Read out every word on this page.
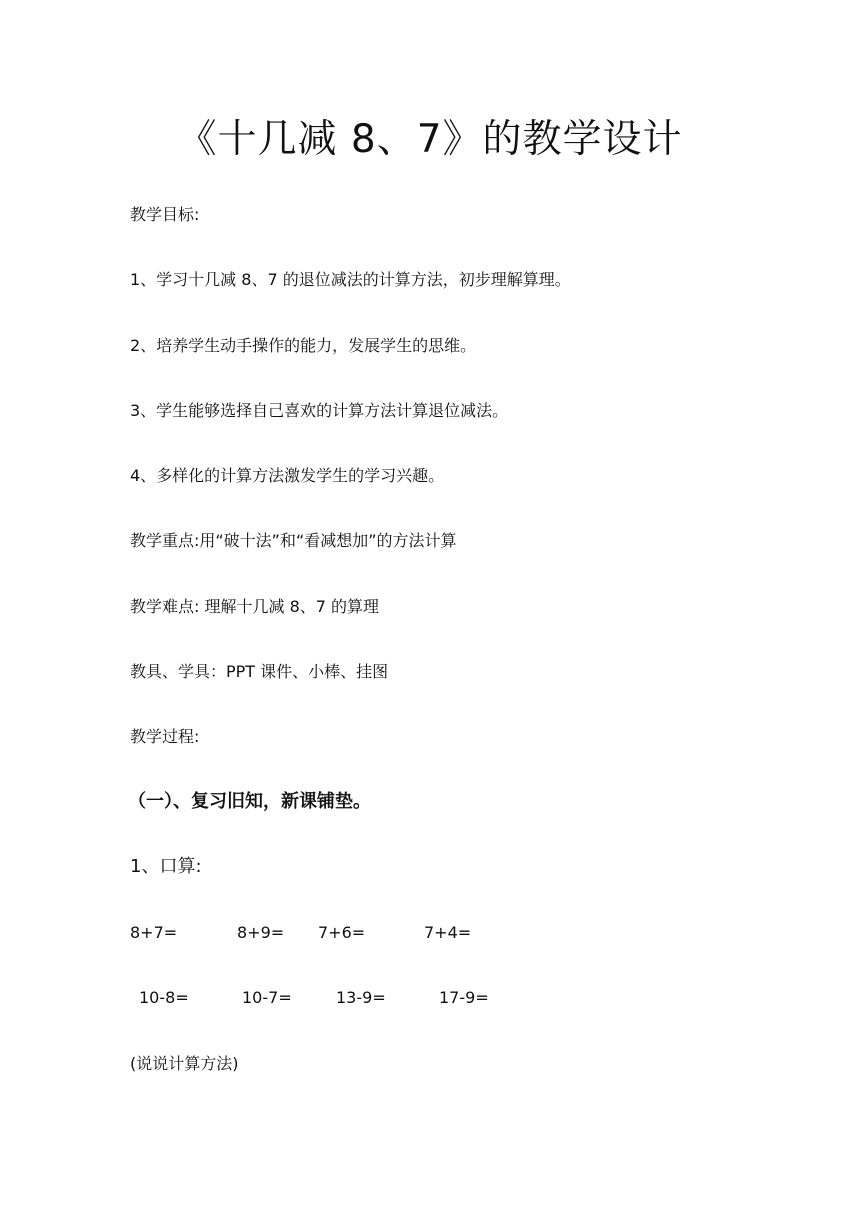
《十几减 8、7》的教学设计
教学目标:
1、学习十几减 8、7 的退位减法的计算方法，初步理解算理。
2、培养学生动手操作的能力，发展学生的思维。
3、学生能够选择自己喜欢的计算方法计算退位减法。
4、多样化的计算方法激发学生的学习兴趣。
教学重点:用“破十法”和“看减想加”的方法计算
教学难点: 理解十几减 8、7 的算理
教具、学具：PPT 课件、小棒、挂图
教学过程:
（一）、复习旧知，新课铺垫。
1、口算:
8+7=	8+9= 7+6=	7+4=
10-8=	10-7=	13-9=	17-9=
(说说计算方法)
